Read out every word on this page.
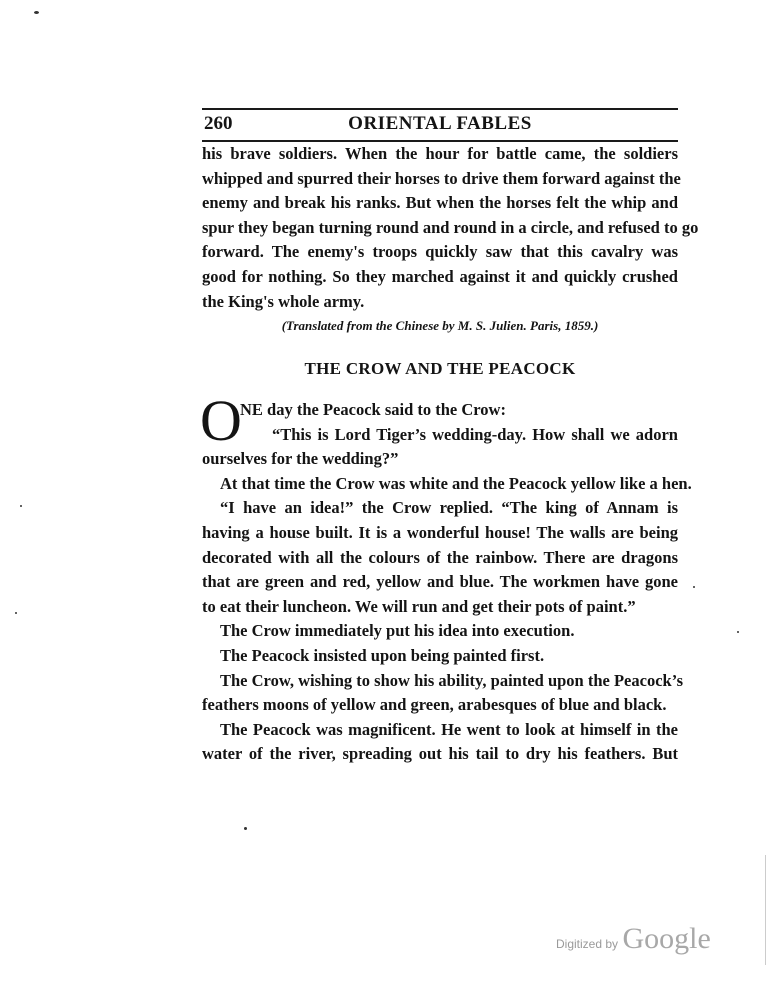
260	ORIENTAL FABLES
his brave soldiers. When the hour for battle came, the soldiers
whipped and spurred their horses to drive them forward against the
enemy and break his ranks. But when the horses felt the whip and
spur they began turning round and round in a circle, and refused to go
forward. The enemy's troops quickly saw that this cavalry was
good for nothing. So they marched against it and quickly crushed
the King's whole army.
(Translated from the Chinese by M. S. Julien. Paris, 1859.)
THE CROW AND THE PEACOCK
O
NE day the Peacock said to the Crow:
“This is Lord Tiger’s wedding-day. How shall we adorn
ourselves for the wedding?”
At that time the Crow was white and the Peacock yellow like a hen.
“I have an idea!” the Crow replied. “The king of Annam is
having a house built. It is a wonderful house! The walls are being
decorated with all the colours of the rainbow. There are dragons
that are green and red, yellow and blue. The workmen have gone
to eat their luncheon. We will run and get their pots of paint.”
The Crow immediately put his idea into execution.
The Peacock insisted upon being painted first.
The Crow, wishing to show his ability, painted upon the Peacock’s
feathers moons of yellow and green, arabesques of blue and black.
The Peacock was magnificent. He went to look at himself in the
water of the river, spreading out his tail to dry his feathers. But
Digitized by Google
